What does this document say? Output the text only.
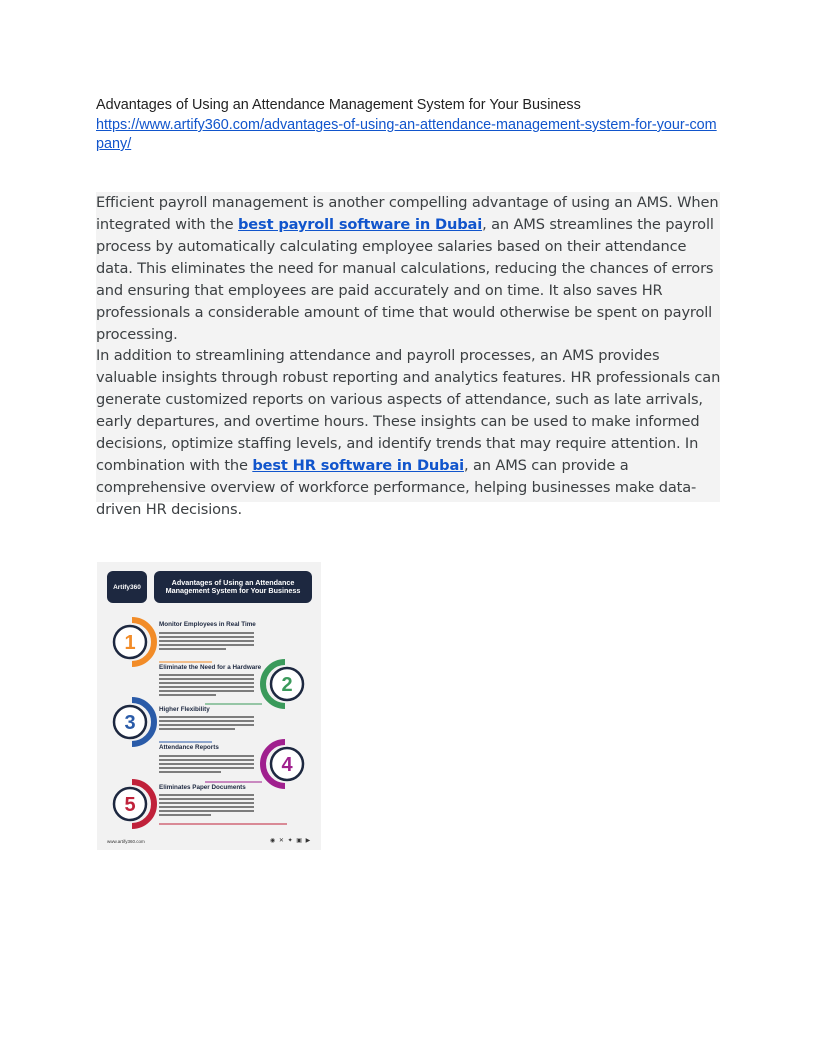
Advantages of Using an Attendance Management System for Your Business
https://www.artify360.com/advantages-of-using-an-attendance-management-system-for-your-company/

Efficient payroll management is another compelling advantage of using an AMS. When integrated with the best payroll software in Dubai, an AMS streamlines the payroll process by automatically calculating employee salaries based on their attendance data. This eliminates the need for manual calculations, reducing the chances of errors and ensuring that employees are paid accurately and on time. It also saves HR professionals a considerable amount of time that would otherwise be spent on payroll processing.

In addition to streamlining attendance and payroll processes, an AMS provides valuable insights through robust reporting and analytics features. HR professionals can generate customized reports on various aspects of attendance, such as late arrivals, early departures, and overtime hours. These insights can be used to make informed decisions, optimize staffing levels, and identify trends that may require attention. In combination with the best HR software in Dubai, an AMS can provide a comprehensive overview of workforce performance, helping businesses make data-driven HR decisions.

Artify360	Advantages of Using an Attendance Management System for Your Business
1
2
3
4
5
Monitor Employees in Real Time
Eliminate the Need for a Hardware
Higher Flexibility
Attendance Reports
Eliminates Paper Documents
www.artify360.com	◉ ✕ ✦ ▣ ▶
